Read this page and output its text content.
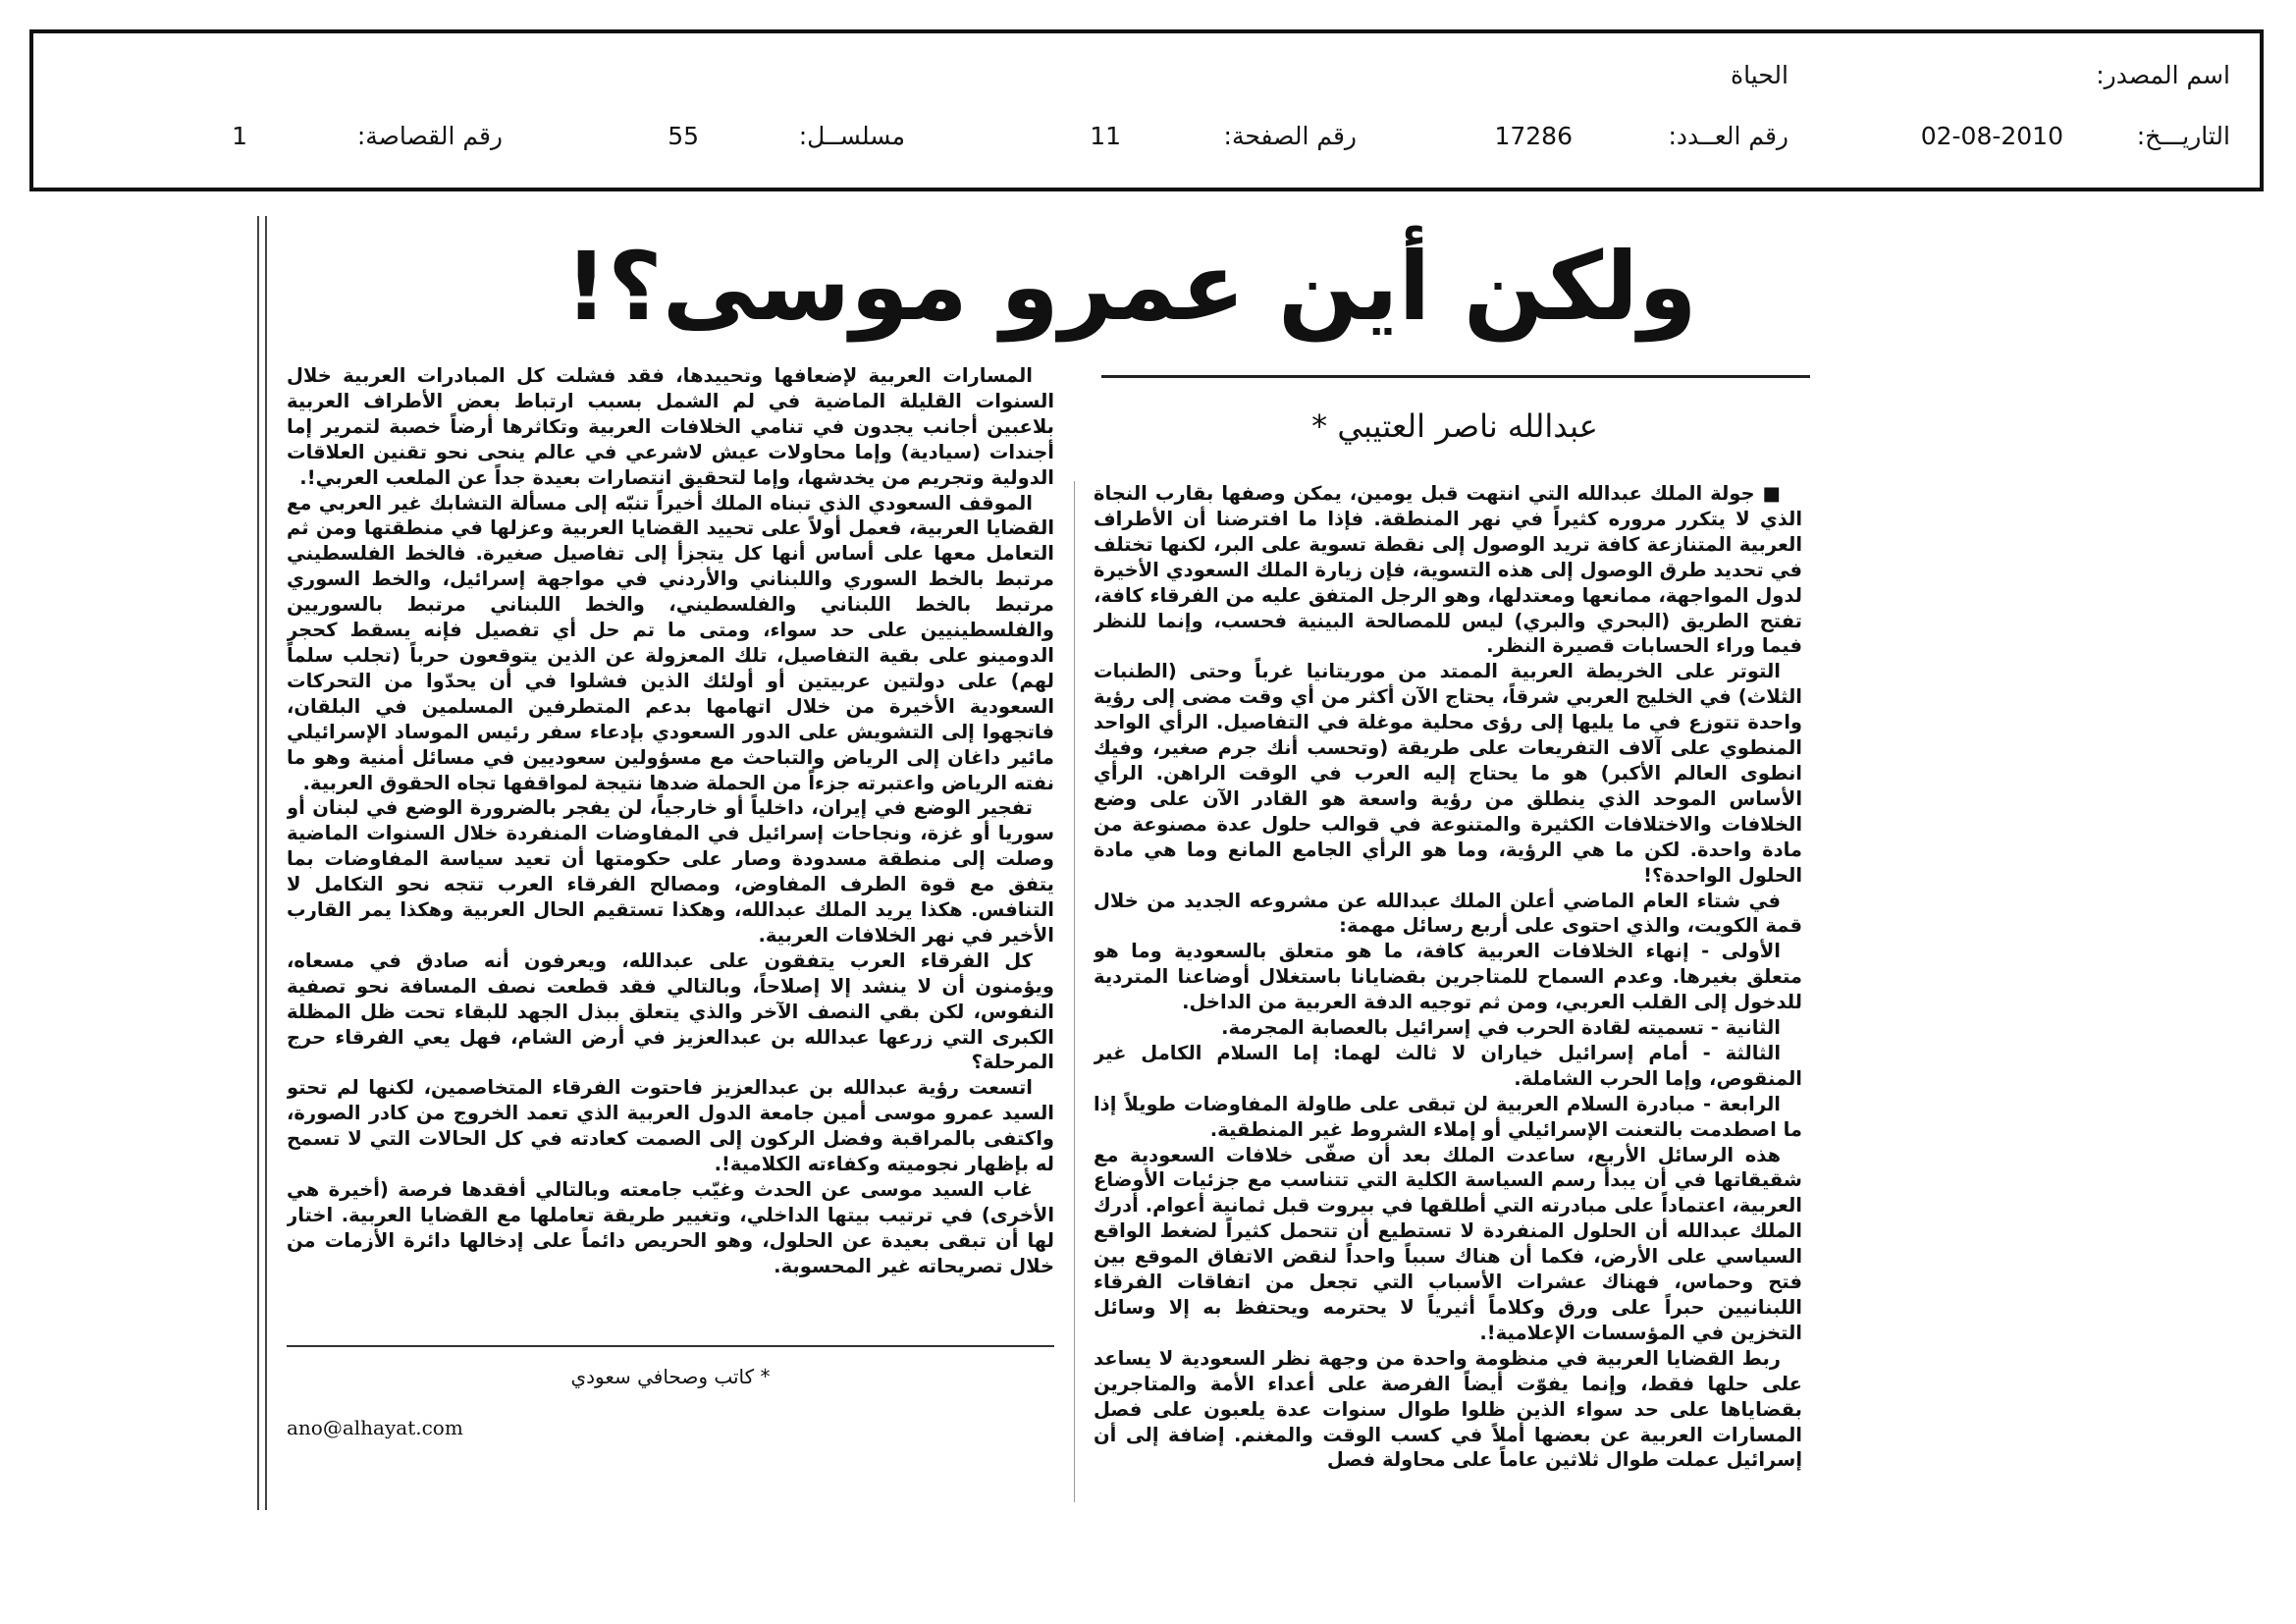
اسم المصدر:
الحياة
التاريـــخ:
02-08-2010
رقم العــدد:
17286
رقم الصفحة:
11
مسلســل:
55
رقم القصاصة:
1
ولكن أين عمرو موسى؟!
عبدالله ناصر العتيبي *

■ جولة الملك عبدالله التي انتهت قبل يومين، يمكن وصفها بقارب النجاة الذي لا يتكرر مروره كثيراً في نهر المنطقة. فإذا ما افترضنا أن الأطراف العربية المتنازعة كافة تريد الوصول إلى نقطة تسوية على البر، لكنها تختلف في تحديد طرق الوصول إلى هذه التسوية، فإن زيارة الملك السعودي الأخيرة لدول المواجهة، ممانعها ومعتدلها، وهو الرجل المتفق عليه من الفرقاء كافة، تفتح الطريق (البحري والبري) ليس للمصالحة البينية فحسب، وإنما للنظر فيما وراء الحسابات قصيرة النظر.

التوتر على الخريطة العربية الممتد من موريتانيا غرباً وحتى (الطنبات الثلاث) في الخليج العربي شرقاً، يحتاج الآن أكثر من أي وقت مضى إلى رؤية واحدة تتوزع في ما يليها إلى رؤى محلية موغلة في التفاصيل. الرأي الواحد المنطوي على آلاف التفريعات على طريقة (وتحسب أنك جرم صغير، وفيك انطوى العالم الأكبر) هو ما يحتاج إليه العرب في الوقت الراهن. الرأي الأساس الموحد الذي ينطلق من رؤية واسعة هو القادر الآن على وضع الخلافات والاختلافات الكثيرة والمتنوعة في قوالب حلول عدة مصنوعة من مادة واحدة. لكن ما هي الرؤية، وما هو الرأي الجامع المانع وما هي مادة الحلول الواحدة؟!

في شتاء العام الماضي أعلن الملك عبدالله عن مشروعه الجديد من خلال قمة الكويت، والذي احتوى على أربع رسائل مهمة:

الأولى - إنهاء الخلافات العربية كافة، ما هو متعلق بالسعودية وما هو متعلق بغيرها. وعدم السماح للمتاجرين بقضايانا باستغلال أوضاعنا المتردية للدخول إلى القلب العربي، ومن ثم توجيه الدفة العربية من الداخل.

الثانية - تسميته لقادة الحرب في إسرائيل بالعصابة المجرمة.

الثالثة - أمام إسرائيل خياران لا ثالث لهما: إما السلام الكامل غير المنقوص، وإما الحرب الشاملة.

الرابعة - مبادرة السلام العربية لن تبقى على طاولة المفاوضات طويلاً إذا ما اصطدمت بالتعنت الإسرائيلي أو إملاء الشروط غير المنطقية.

هذه الرسائل الأربع، ساعدت الملك بعد أن صفّى خلافات السعودية مع شقيقاتها في أن يبدأ رسم السياسة الكلية التي تتناسب مع جزئيات الأوضاع العربية، اعتماداً على مبادرته التي أطلقها في بيروت قبل ثمانية أعوام. أدرك الملك عبدالله أن الحلول المنفردة لا تستطيع أن تتحمل كثيراً لضغط الواقع السياسي على الأرض، فكما أن هناك سبباً واحداً لنقض الاتفاق الموقع بين فتح وحماس، فهناك عشرات الأسباب التي تجعل من اتفاقات الفرقاء اللبنانيين حبراً على ورق وكلاماً أثيرياً لا يحترمه ويحتفظ به إلا وسائل التخزين في المؤسسات الإعلامية!.

ربط القضايا العربية في منظومة واحدة من وجهة نظر السعودية لا يساعد على حلها فقط، وإنما يفوّت أيضاً الفرصة على أعداء الأمة والمتاجرين بقضاياها على حد سواء الذين ظلوا طوال سنوات عدة يلعبون على فصل المسارات العربية عن بعضها أملاً في كسب الوقت والمغنم. إضافة إلى أن إسرائيل عملت طوال ثلاثين عاماً على محاولة فصل

المسارات العربية لإضعافها وتحييدها، فقد فشلت كل المبادرات العربية خلال السنوات القليلة الماضية في لم الشمل بسبب ارتباط بعض الأطراف العربية بلاعبين أجانب يجدون في تنامي الخلافات العربية وتكاثرها أرضاً خصبة لتمرير إما أجندات (سيادية) وإما محاولات عيش لاشرعي في عالم ينحى نحو تقنين العلاقات الدولية وتجريم من يخدشها، وإما لتحقيق انتصارات بعيدة جداً عن الملعب العربي!.

الموقف السعودي الذي تبناه الملك أخيراً تنبّه إلى مسألة التشابك غير العربي مع القضايا العربية، فعمل أولاً على تحييد القضايا العربية وعزلها في منطقتها ومن ثم التعامل معها على أساس أنها كل يتجزأ إلى تفاصيل صغيرة. فالخط الفلسطيني مرتبط بالخط السوري واللبناني والأردني في مواجهة إسرائيل، والخط السوري مرتبط بالخط اللبناني والفلسطيني، والخط اللبناني مرتبط بالسوريين والفلسطينيين على حد سواء، ومتى ما تم حل أي تفصيل فإنه يسقط كحجر الدومينو على بقية التفاصيل، تلك المعزولة عن الذين يتوقعون حرباً (تجلب سلماً لهم) على دولتين عربيتين أو أولئك الذين فشلوا في أن يحدّوا من التحركات السعودية الأخيرة من خلال اتهامها بدعم المتطرفين المسلمين في البلقان، فاتجهوا إلى التشويش على الدور السعودي بإدعاء سفر رئيس الموساد الإسرائيلي مائير داغان إلى الرياض والتباحث مع مسؤولين سعوديين في مسائل أمنية وهو ما نفته الرياض واعتبرته جزءاً من الحملة ضدها نتيجة لمواقفها تجاه الحقوق العربية.

تفجير الوضع في إيران، داخلياً أو خارجياً، لن يفجر بالضرورة الوضع في لبنان أو سوريا أو غزة، ونجاحات إسرائيل في المفاوضات المنفردة خلال السنوات الماضية وصلت إلى منطقة مسدودة وصار على حكومتها أن تعيد سياسة المفاوضات بما يتفق مع قوة الطرف المفاوض، ومصالح الفرقاء العرب تتجه نحو التكامل لا التنافس. هكذا يريد الملك عبدالله، وهكذا تستقيم الحال العربية وهكذا يمر القارب الأخير في نهر الخلافات العربية.

كل الفرقاء العرب يتفقون على عبدالله، ويعرفون أنه صادق في مسعاه، ويؤمنون أن لا ينشد إلا إصلاحاً، وبالتالي فقد قطعت نصف المسافة نحو تصفية النفوس، لكن بقي النصف الآخر والذي يتعلق ببذل الجهد للبقاء تحت ظل المظلة الكبرى التي زرعها عبدالله بن عبدالعزيز في أرض الشام، فهل يعي الفرقاء حرج المرحلة؟

اتسعت رؤية عبدالله بن عبدالعزيز فاحتوت الفرقاء المتخاصمين، لكنها لم تحتو السيد عمرو موسى أمين جامعة الدول العربية الذي تعمد الخروج من كادر الصورة، واكتفى بالمراقبة وفضل الركون إلى الصمت كعادته في كل الحالات التي لا تسمح له بإظهار نجوميته وكفاءته الكلامية!.

غاب السيد موسى عن الحدث وغيّب جامعته وبالتالي أفقدها فرصة (أخيرة هي الأخرى) في ترتيب بيتها الداخلي، وتغيير طريقة تعاملها مع القضايا العربية. اختار لها أن تبقى بعيدة عن الحلول، وهو الحريص دائماً على إدخالها دائرة الأزمات من خلال تصريحاته غير المحسوبة.

* كاتب وصحافي سعودي
ano@alhayat.com
